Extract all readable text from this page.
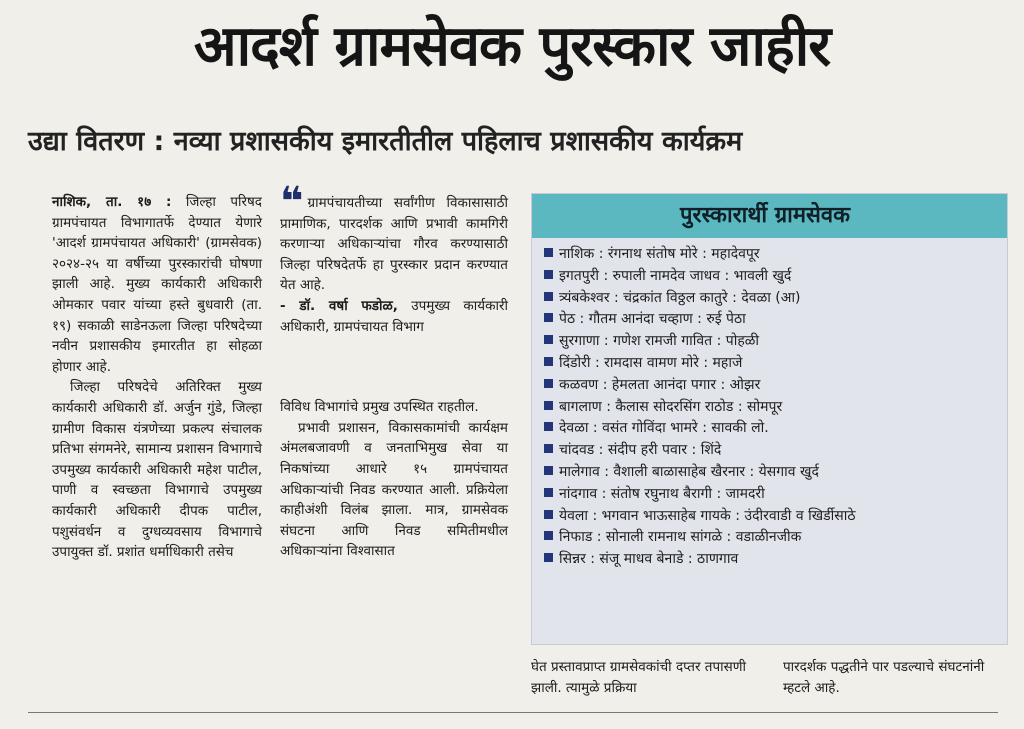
आदर्श ग्रामसेवक पुरस्कार जाहीर
उद्या वितरण : नव्या प्रशासकीय इमारतीतील पहिलाच प्रशासकीय कार्यक्रम

नाशिक, ता. १७ : जिल्हा परिषद ग्रामपंचायत विभागातर्फे देण्यात येणारे 'आदर्श ग्रामपंचायत अधिकारी' (ग्रामसेवक) २०२४-२५ या वर्षीच्या पुरस्कारांची घोषणा झाली आहे. मुख्य कार्यकारी अधिकारी ओमकार पवार यांच्या हस्ते बुधवारी (ता. १९) सकाळी साडेनऊला जिल्हा परिषदेच्या नवीन प्रशासकीय इमारतीत हा सोहळा होणार आहे.

जिल्हा परिषदेचे अतिरिक्त मुख्य कार्यकारी अधिकारी डॉ. अर्जुन गुंडे, जिल्हा ग्रामीण विकास यंत्रणेच्या प्रकल्प संचालक प्रतिभा संगमनेरे, सामान्य प्रशासन विभागाचे उपमुख्य कार्यकारी अधिकारी महेश पाटील, पाणी व स्वच्छता विभागाचे उपमुख्य कार्यकारी अधिकारी दीपक पाटील, पशुसंवर्धन व दुग्धव्यवसाय विभागाचे उपायुक्त डॉ. प्रशांत धर्माधिकारी तसेच

❝ ग्रामपंचायतीच्या सर्वांगीण विकासासाठी प्रामाणिक, पारदर्शक आणि प्रभावी कामगिरी करणाऱ्या अधिकाऱ्यांचा गौरव करण्यासाठी जिल्हा परिषदेतर्फे हा पुरस्कार प्रदान करण्यात येत आहे.

- डॉ. वर्षा फडोळ, उपमुख्य कार्यकारी अधिकारी, ग्रामपंचायत विभाग

विविध विभागांचे प्रमुख उपस्थित राहतील.

प्रभावी प्रशासन, विकासकामांची कार्यक्षम अंमलबजावणी व जनताभिमुख सेवा या निकषांच्या आधारे १५ ग्रामपंचायत अधिकाऱ्यांची निवड करण्यात आली. प्रक्रियेला काहीअंशी विलंब झाला. मात्र, ग्रामसेवक संघटना आणि निवड समितीमधील अधिकाऱ्यांना विश्वासात

पुरस्कारार्थी ग्रामसेवक
नाशिक : रंगनाथ संतोष मोरे : महादेवपूर
इगतपुरी : रुपाली नामदेव जाधव : भावली खुर्द
त्र्यंबकेश्वर : चंद्रकांत विठ्ठल कातुरे : देवळा (आ)
पेठ : गौतम आनंदा चव्हाण : रुई पेठा
सुरगाणा : गणेश रामजी गावित : पोहळी
दिंडोरी : रामदास वामण मोरे : महाजे
कळवण : हेमलता आनंदा पगार : ओझर
बागलाण : कैलास सोदरसिंग राठोड : सोमपूर
देवळा : वसंत गोविंदा भामरे : सावकी लो.
चांदवड : संदीप हरी पवार : शिंदे
मालेगाव : वैशाली बाळासाहेब खैरनार : येसगाव खुर्द
नांदगाव : संतोष रघुनाथ बैरागी : जामदरी
येवला : भगवान भाऊसाहेब गायके : उंदीरवाडी व खिर्डीसाठे
निफाड : सोनाली रामनाथ सांगळे : वडाळीनजीक
सिन्नर : संजू माधव बेनाडे : ठाणगाव
घेत प्रस्तावप्राप्त ग्रामसेवकांची दप्तर तपासणी झाली. त्यामुळे प्रक्रिया
पारदर्शक पद्धतीने पार पडल्याचे संघटनांनी म्हटले आहे.
